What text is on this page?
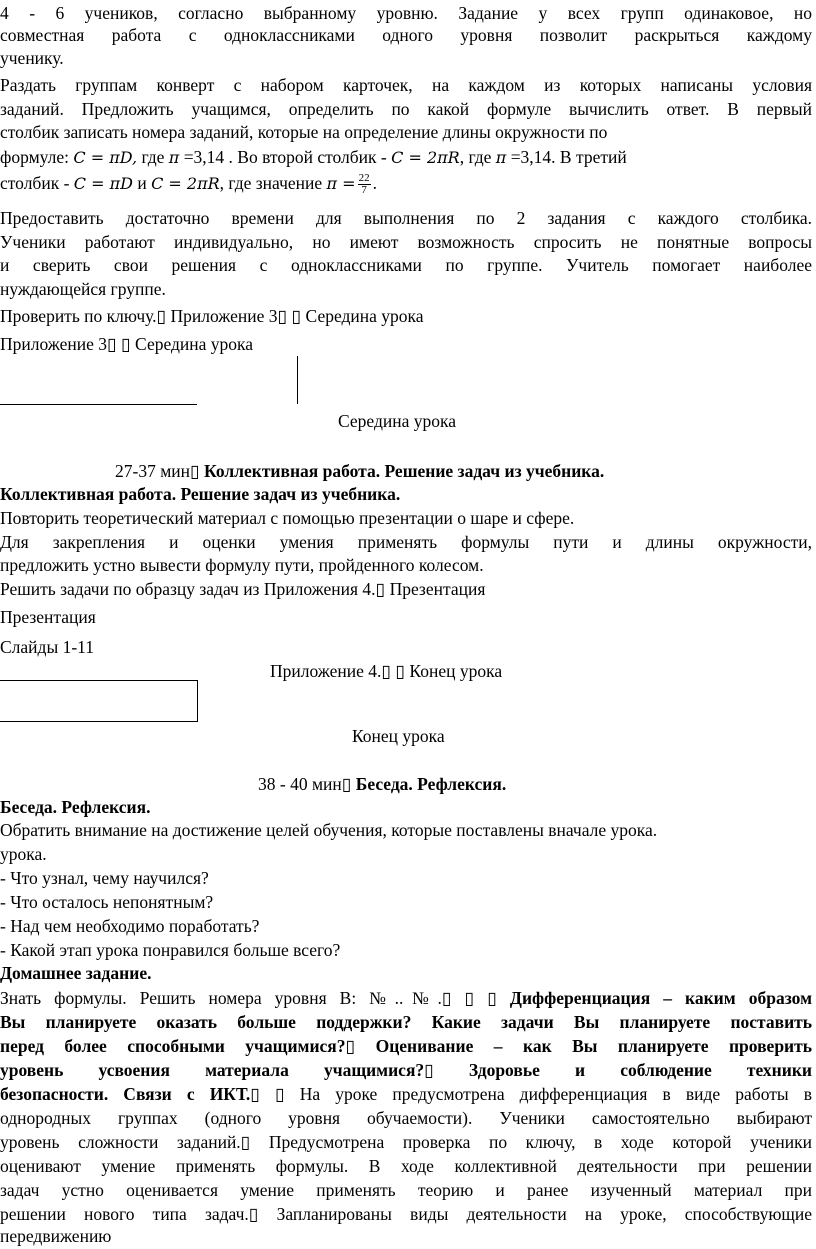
4 - 6 учеников, согласно выбранному уровню. Задание у всех групп одинаковое, но
совместная работа с одноклассниками одного уровня позволит раскрыться каждому
ученику.
Раздать группам конверт с набором карточек, на каждом из которых написаны условия
заданий. Предложить учащимся, определить по какой формуле вычислить ответ. В первый
столбик записать номера заданий, которые на определение длины окружности по
формуле: C = πD, где π =3,14 . Во второй столбик - C = 2πR, где π =3,14. В третий
столбик - C = πD и C = 2πR, где значение $\pi = \frac{22}{7}$ .
Предоставить достаточно времени для выполнения по 2 задания с каждого столбика.
Ученики работают индивидуально, но имеют возможность спросить не понятные вопросы
и сверить свои решения с одноклассниками по группе. Учитель помогает наиболее
нуждающейся группе.
Проверить по ключу.▯ Приложение 3▯ ▯ Середина урока
Приложение 3▯ ▯ Середина урока
Середина урока
27-37 мин▯ Коллективная работа. Решение задач из учебника.
Коллективная работа. Решение задач из учебника.
Повторить теоретический материал с помощью презентации о шаре и сфере.
Для закрепления и оценки умения применять формулы пути и длины окружности,
предложить устно вывести формулу пути, пройденного колесом.
Решить задачи по образцу задач из Приложения 4.▯ Презентация
Презентация
Слайды 1-11
Приложение 4.▯ ▯ Конец урока
Конец урока
38 - 40 мин▯ Беседа. Рефлексия.
Беседа. Рефлексия.
Обратить внимание на достижение целей обучения, которые поставлены вначале урока.
урока.
- Что узнал, чему научился?
- Что осталось непонятным?
- Над чем необходимо поработать?
- Какой этап урока понравился больше всего?
Домашнее задание.
Знать формулы. Решить номера уровня В: №..№.▯ ▯ ▯ Дифференциация – каким образом
Вы планируете оказать больше поддержки? Какие задачи Вы планируете поставить
перед более способными учащимися?▯ Оценивание – как Вы планируете проверить
уровень усвоения материала учащимися?▯ Здоровье и соблюдение техники
безопасности. Связи с ИКТ.▯ ▯ На уроке предусмотрена дифференциация в виде работы в
однородных группах (одного уровня обучаемости). Ученики самостоятельно выбирают
уровень сложности заданий.▯ Предусмотрена проверка по ключу, в ходе которой ученики
оценивают умение применять формулы. В ходе коллективной деятельности при решении
задач устно оценивается умение применять теорию и ранее изученный материал при
решении нового типа задач.▯ Запланированы виды деятельности на уроке, способствующие
передвижению
